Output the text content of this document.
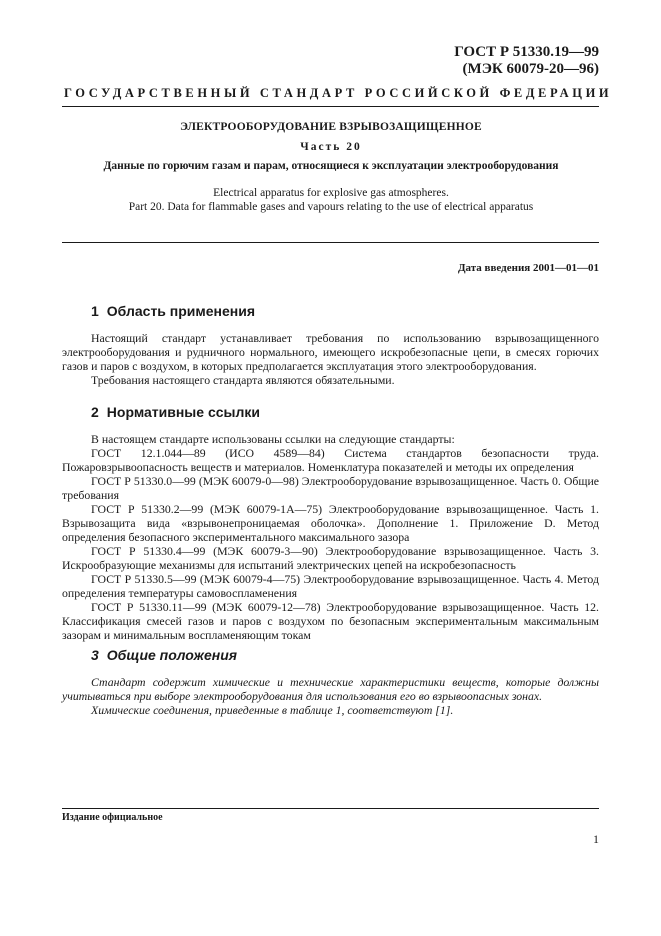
ГОСТ Р 51330.19—99
(МЭК 60079-20—96)
ГОСУДАРСТВЕННЫЙ СТАНДАРТ РОССИЙСКОЙ ФЕДЕРАЦИИ
ЭЛЕКТРООБОРУДОВАНИЕ ВЗРЫВОЗАЩИЩЕННОЕ
Часть 20
Данные по горючим газам и парам, относящиеся к эксплуатации электрооборудования
Electrical apparatus for explosive gas atmospheres.
Part 20. Data for flammable gases and vapours relating to the use of electrical apparatus
Дата введения 2001—01—01
1 Область применения

Настоящий стандарт устанавливает требования по использованию взрывозащищенного электрооборудования и рудничного нормального, имеющего искробезопасные цепи, в смесях горючих газов и паров с воздухом, в которых предполагается эксплуатация этого электрооборудования.

Требования настоящего стандарта являются обязательными.

2 Нормативные ссылки

В настоящем стандарте использованы ссылки на следующие стандарты:

ГОСТ 12.1.044—89 (ИСО 4589—84) Система стандартов безопасности труда. Пожаровзрывоопасность веществ и материалов. Номенклатура показателей и методы их определения

ГОСТ Р 51330.0—99 (МЭК 60079-0—98) Электрооборудование взрывозащищенное. Часть 0. Общие требования

ГОСТ Р 51330.2—99 (МЭК 60079-1А—75) Электрооборудование взрывозащищенное. Часть 1. Взрывозащита вида «взрывонепроницаемая оболочка». Дополнение 1. Приложение D. Метод определения безопасного экспериментального максимального зазора

ГОСТ Р 51330.4—99 (МЭК 60079-3—90) Электрооборудование взрывозащищенное. Часть 3. Искрообразующие механизмы для испытаний электрических цепей на искробезопасность

ГОСТ Р 51330.5—99 (МЭК 60079-4—75) Электрооборудование взрывозащищенное. Часть 4. Метод определения температуры самовоспламенения

ГОСТ Р 51330.11—99 (МЭК 60079-12—78) Электрооборудование взрывозащищенное. Часть 12. Классификация смесей газов и паров с воздухом по безопасным экспериментальным максимальным зазорам и минимальным воспламеняющим токам

3 Общие положения

Стандарт содержит химические и технические характеристики веществ, которые должны учитываться при выборе электрооборудования для использования его во взрывоопасных зонах.

Химические соединения, приведенные в таблице 1, соответствуют [1].

Издание официальное
1
